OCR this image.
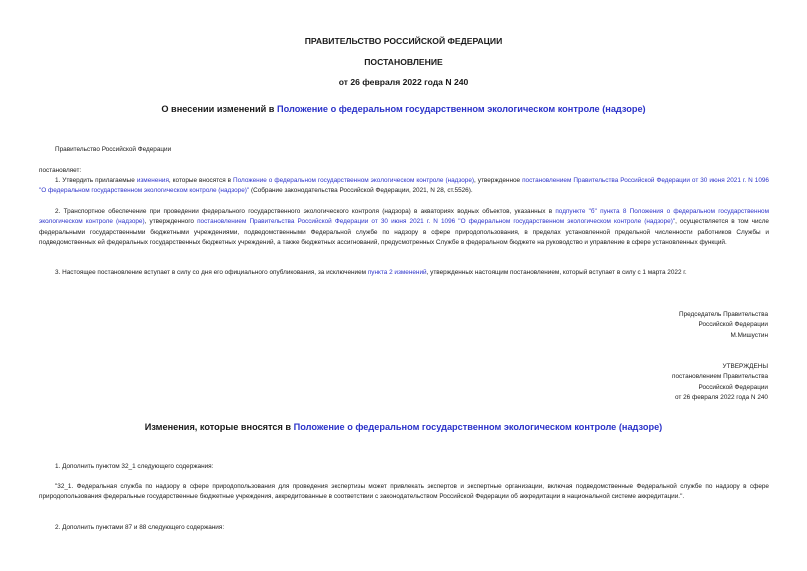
ПРАВИТЕЛЬСТВО РОССИЙСКОЙ ФЕДЕРАЦИИ
ПОСТАНОВЛЕНИЕ
от 26 февраля 2022 года N 240
О внесении изменений в Положение о федеральном государственном экологическом контроле (надзоре)
Правительство Российской Федерации
постановляет:
1. Утвердить прилагаемые изменения, которые вносятся в Положение о федеральном государственном экологическом контроле (надзоре), утвержденное постановлением Правительства Российской Федерации от 30 июня 2021 г. N 1096 "О федеральном государственном экологическом контроле (надзоре)" (Собрание законодательства Российской Федерации, 2021, N 28, ст.5526).
2. Транспортное обеспечение при проведении федерального государственного экологического контроля (надзора) в акваториях водных объектов, указанных в подпункте "б" пункта 8 Положения о федеральном государственном экологическом контроле (надзоре), утвержденного постановлением Правительства Российской Федерации от 30 июня 2021 г. N 1096 "О федеральном государственном экологическом контроле (надзоре)", осуществляется в том числе федеральными государственными бюджетными учреждениями, подведомственными Федеральной службе по надзору в сфере природопользования, в пределах установленной предельной численности работников Службы и подведомственных ей федеральных государственных бюджетных учреждений, а также бюджетных ассигнований, предусмотренных Службе в федеральном бюджете на руководство и управление в сфере установленных функций.
3. Настоящее постановление вступает в силу со дня его официального опубликования, за исключением пункта 2 изменений, утвержденных настоящим постановлением, который вступает в силу с 1 марта 2022 г.
Председатель Правительства
Российской Федерации
М.Мишустин
УТВЕРЖДЕНЫ
постановлением Правительства
Российской Федерации
от 26 февраля 2022 года N 240
Изменения, которые вносятся в Положение о федеральном государственном экологическом контроле (надзоре)
1. Дополнить пунктом 32_1 следующего содержания:
"32_1. Федеральная служба по надзору в сфере природопользования для проведения экспертизы может привлекать экспертов и экспертные организации, включая подведомственные Федеральной службе по надзору в сфере природопользования федеральные государственные бюджетные учреждения, аккредитованные в соответствии с законодательством Российской Федерации об аккредитации в национальной системе аккредитации.".
2. Дополнить пунктами 87 и 88 следующего содержания:
